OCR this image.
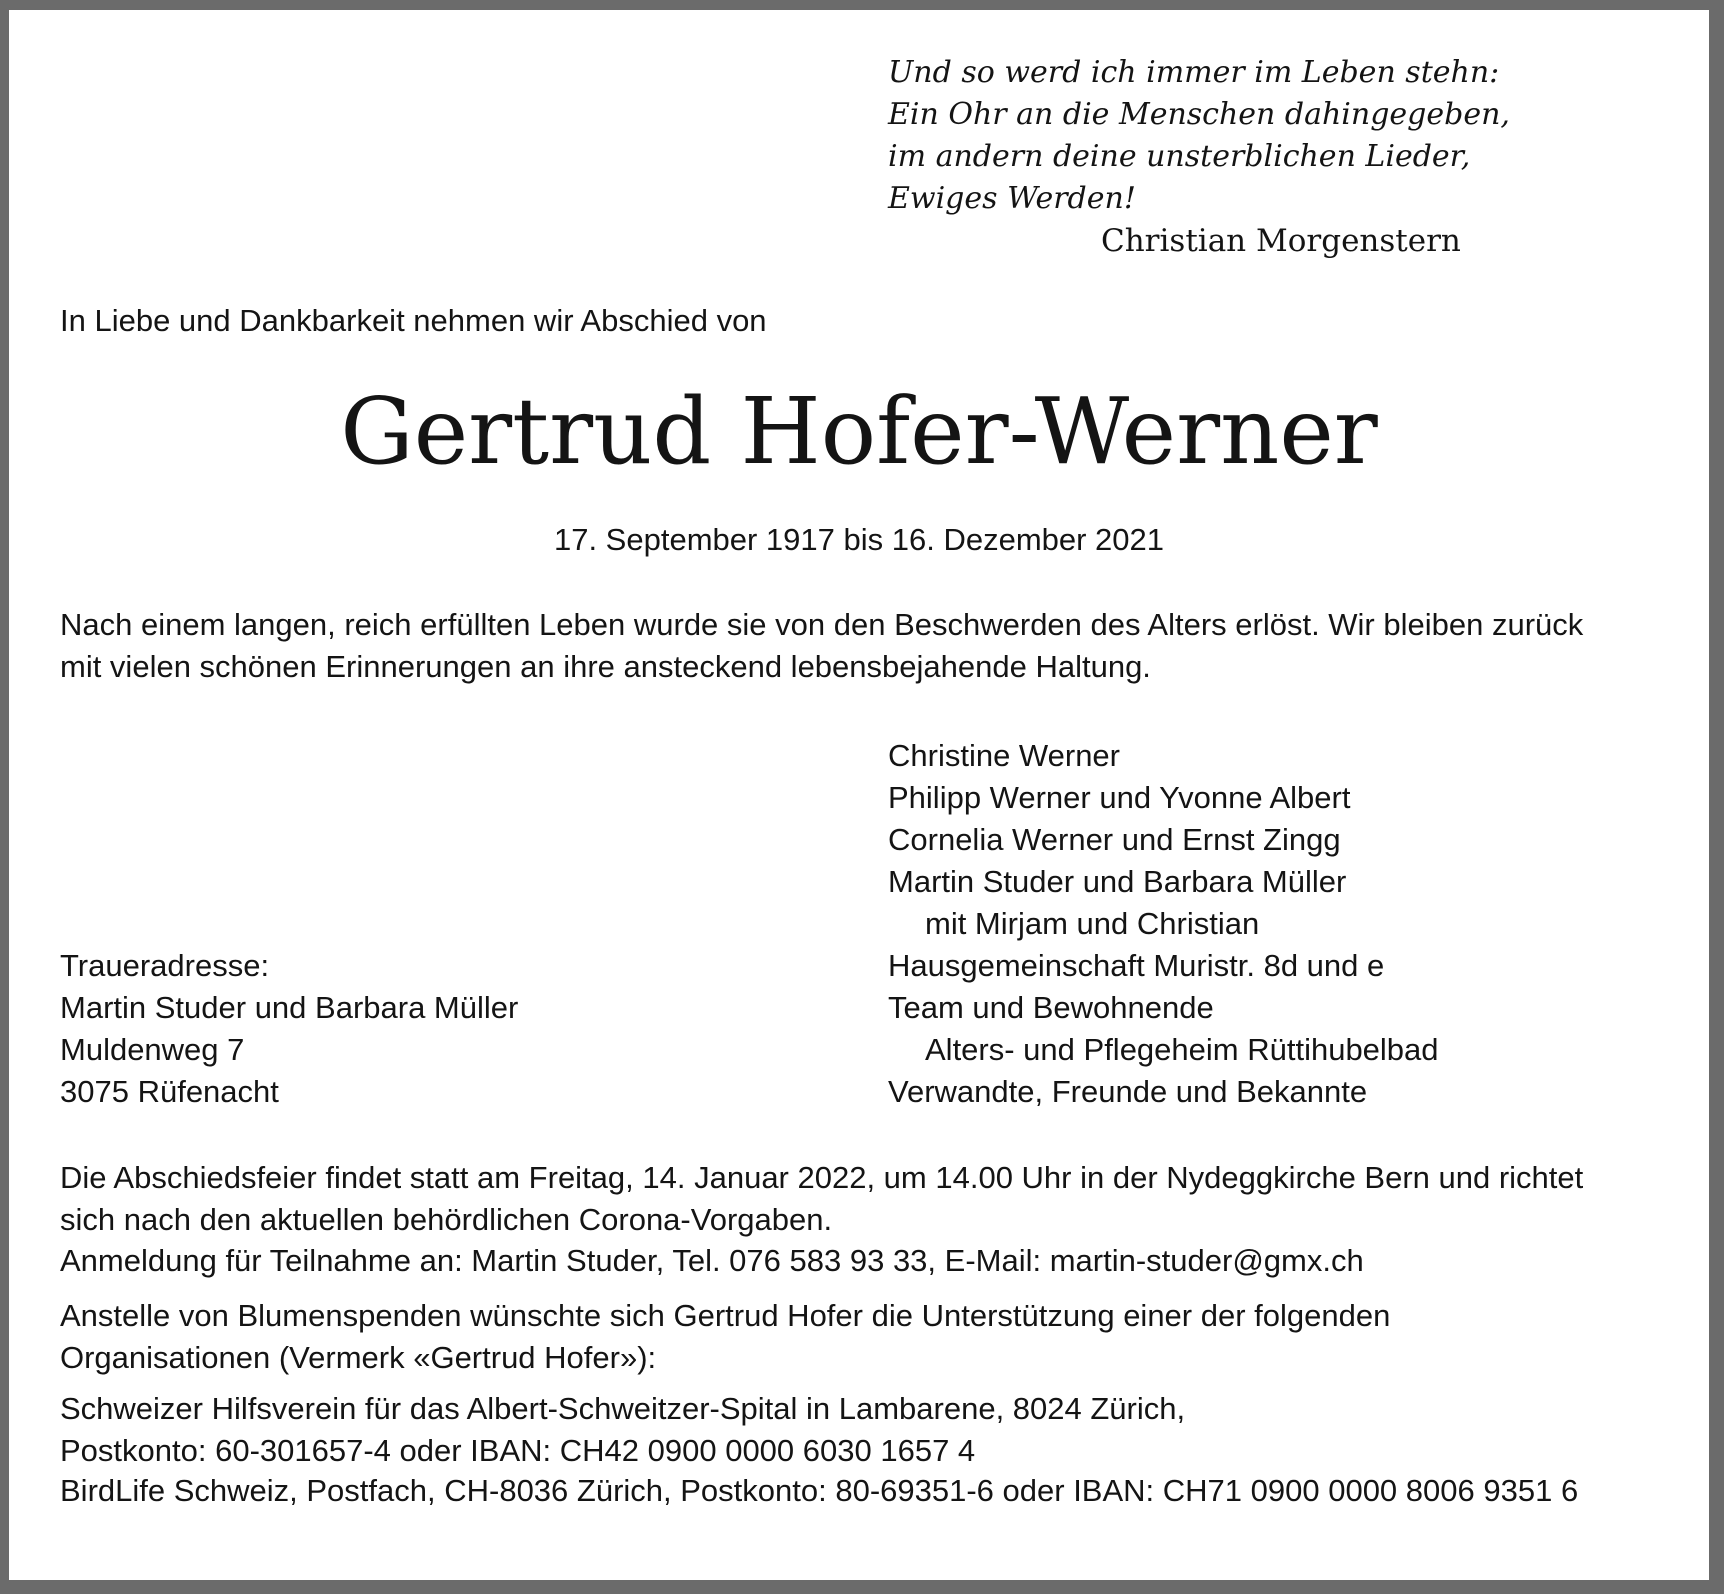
Und so werd ich immer im Leben stehn:
Ein Ohr an die Menschen dahingegeben,
im andern deine unsterblichen Lieder,
Ewiges Werden!
Christian Morgenstern
In Liebe und Dankbarkeit nehmen wir Abschied von
Gertrud Hofer-Werner
17. September 1917 bis 16. Dezember 2021
Nach einem langen, reich erfüllten Leben wurde sie von den Beschwerden des Alters erlöst. Wir bleiben zurück
mit vielen schönen Erinnerungen an ihre ansteckend lebensbejahende Haltung.
Christine Werner
Philipp Werner und Yvonne Albert
Cornelia Werner und Ernst Zingg
Martin Studer und Barbara Müller
mit Mirjam und Christian
Hausgemeinschaft Muristr. 8d und e
Team und Bewohnende
Alters- und Pflegeheim Rüttihubelbad
Verwandte, Freunde und Bekannte
Traueradresse:
Martin Studer und Barbara Müller
Muldenweg 7
3075 Rüfenacht
Die Abschiedsfeier findet statt am Freitag, 14. Januar 2022, um 14.00 Uhr in der Nydeggkirche Bern und richtet
sich nach den aktuellen behördlichen Corona-Vorgaben.
Anmeldung für Teilnahme an: Martin Studer, Tel. 076 583 93 33, E-Mail: martin-studer@gmx.ch
Anstelle von Blumenspenden wünschte sich Gertrud Hofer die Unterstützung einer der folgenden
Organisationen (Vermerk «Gertrud Hofer»):
Schweizer Hilfsverein für das Albert-Schweitzer-Spital in Lambarene, 8024 Zürich,
Postkonto: 60-301657-4 oder IBAN: CH42 0900 0000 6030 1657 4
BirdLife Schweiz, Postfach, CH-8036 Zürich, Postkonto: 80-69351-6 oder IBAN: CH71 0900 0000 8006 9351 6
